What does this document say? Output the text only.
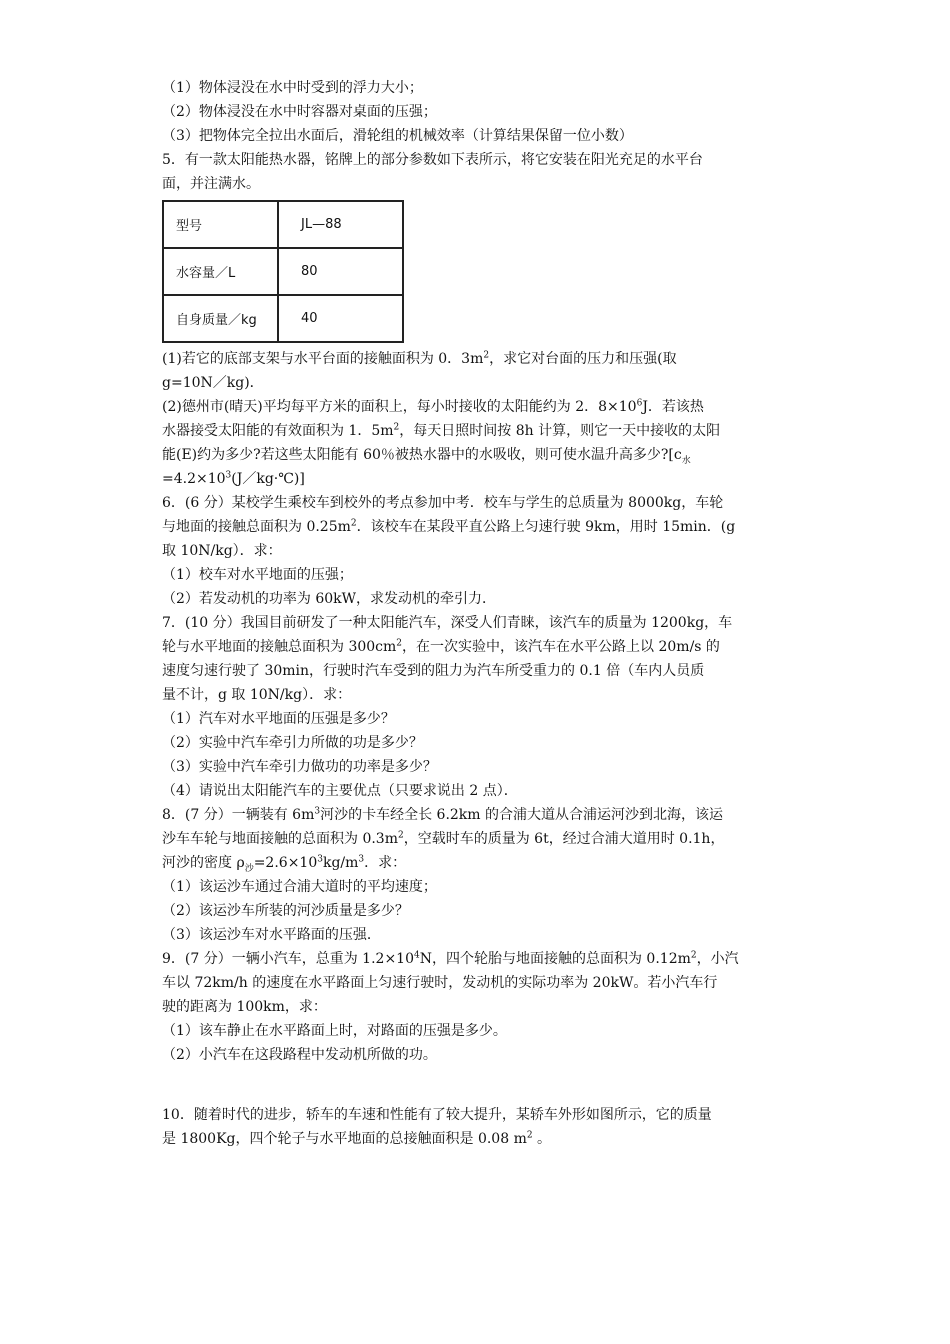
（1）物体浸没在水中时受到的浮力大小；
（2）物体浸没在水中时容器对桌面的压强；
（3）把物体完全拉出水面后，滑轮组的机械效率（计算结果保留一位小数）
5．有一款太阳能热水器，铭牌上的部分参数如下表所示，将它安装在阳光充足的水平台
面，并注满水。
型号	JL—88
水容量／L	80
自身质量／kg	40
(1)若它的底部支架与水平台面的接触面积为 0．$3m^2$，求它对台面的压力和压强(取
g=10N／kg)．
(2)德州市(晴天)平均每平方米的面积上，每小时接收的太阳能约为 2．$8\times 10^6J$．若该热
水器接受太阳能的有效面积为 1．$5m^2$，每天日照时间按 8h 计算，则它一天中接收的太阳
能(E)约为多少?若这些太阳能有 60％被热水器中的水吸收，则可使水温升高多少$?[c_水$
$=4.2\times 10^3(J/kg\cdot℃)$]
6．(6 分）某校学生乘校车到校外的考点参加中考．校车与学生的总质量为 8000kg，车轮
与地面的接触总面积为 $0.25m^2$．该校车在某段平直公路上匀速行驶 9km，用时 15min．(g
取 10N/kg）．求：
（1）校车对水平地面的压强；
（2）若发动机的功率为 60kW，求发动机的牵引力．
7．(10 分）我国目前研发了一种太阳能汽车，深受人们青睐，该汽车的质量为 1200kg，车
轮与水平地面的接触总面积为 $300cm^2$，在一次实验中，该汽车在水平公路上以 20m/s 的
速度匀速行驶了 30min，行驶时汽车受到的阻力为汽车所受重力的 0.1 倍（车内人员质
量不计，g 取 10N/kg）．求：
（1）汽车对水平地面的压强是多少？
（2）实验中汽车牵引力所做的功是多少？
（3）实验中汽车牵引力做功的功率是多少？
（4）请说出太阳能汽车的主要优点（只要求说出 2 点）．
8．(7 分）一辆装有 $6m^3$河沙的卡车经全长 6.2km 的合浦大道从合浦运河沙到北海，该运
沙车车轮与地面接触的总面积为 $0.3m^2$，空载时车的质量为 6t，经过合浦大道用时 0.1h，
河沙的密度 $\rho_沙=2.6\times 10^3kg/m^3$．求：
（1）该运沙车通过合浦大道时的平均速度；
（2）该运沙车所装的河沙质量是多少？
（3）该运沙车对水平路面的压强．
9．(7 分）一辆小汽车，总重为 $1.2\times 10^4N$，四个轮胎与地面接触的总面积为 $0.12m^2$，小汽
车以 72km/h 的速度在水平路面上匀速行驶时，发动机的实际功率为 20kW。若小汽车行
驶的距离为 100km，求：
（1）该车静止在水平路面上时，对路面的压强是多少。
（2）小汽车在这段路程中发动机所做的功。
10．随着时代的进步，轿车的车速和性能有了较大提升，某轿车外形如图所示，它的质量
是 1800Kg，四个轮子与水平地面的总接触面积是 0.08 $m^2$ 。
